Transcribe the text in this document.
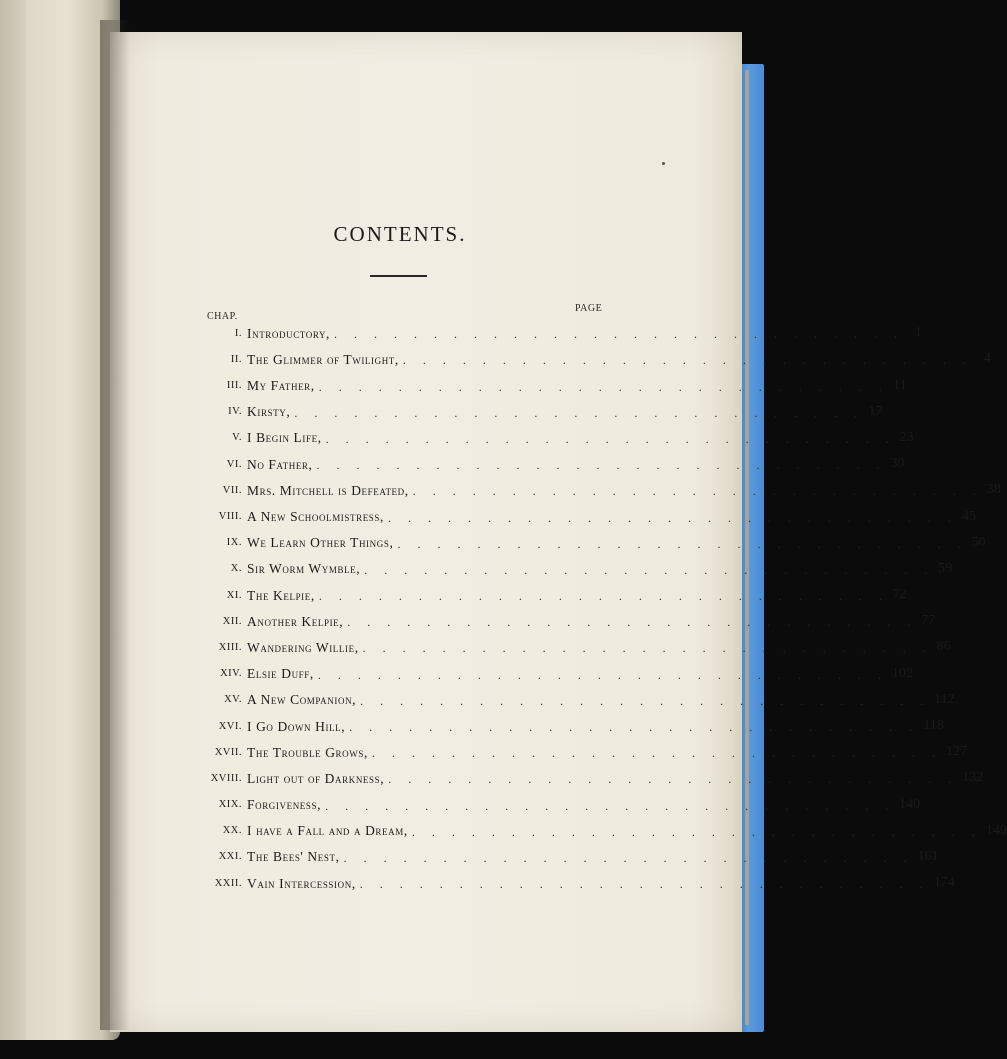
CONTENTS.
CHAP.
PAGE
I. Introductory, . . . . . . . . . . . . . . . . . . . . . . . . . . . . . 1
II. The Glimmer of Twilight, . . . . . . . . . . . . . . . . . . . . . . . . . . . . . 4
III. My Father, . . . . . . . . . . . . . . . . . . . . . . . . . . . . . 11
IV. Kirsty, . . . . . . . . . . . . . . . . . . . . . . . . . . . . . 17
V. I Begin Life, . . . . . . . . . . . . . . . . . . . . . . . . . . . . . 23
VI. No Father, . . . . . . . . . . . . . . . . . . . . . . . . . . . . . 30
VII. Mrs. Mitchell is Defeated, . . . . . . . . . . . . . . . . . . . . . . . . . . . . . 38
VIII. A New Schoolmistress, . . . . . . . . . . . . . . . . . . . . . . . . . . . . . 45
IX. We Learn Other Things, . . . . . . . . . . . . . . . . . . . . . . . . . . . . . 50
X. Sir Worm Wymble, . . . . . . . . . . . . . . . . . . . . . . . . . . . . . 59
XI. The Kelpie, . . . . . . . . . . . . . . . . . . . . . . . . . . . . . 72
XII. Another Kelpie, . . . . . . . . . . . . . . . . . . . . . . . . . . . . . 77
XIII. Wandering Willie, . . . . . . . . . . . . . . . . . . . . . . . . . . . . . 86
XIV. Elsie Duff, . . . . . . . . . . . . . . . . . . . . . . . . . . . . . 102
XV. A New Companion, . . . . . . . . . . . . . . . . . . . . . . . . . . . . . 112
XVI. I Go Down Hill, . . . . . . . . . . . . . . . . . . . . . . . . . . . . . 118
XVII. The Trouble Grows, . . . . . . . . . . . . . . . . . . . . . . . . . . . . . 127
XVIII. Light out of Darkness, . . . . . . . . . . . . . . . . . . . . . . . . . . . . . 132
XIX. Forgiveness, . . . . . . . . . . . . . . . . . . . . . . . . . . . . . 140
XX. I have a Fall and a Dream, . . . . . . . . . . . . . . . . . . . . . . . . . . . . . 149
XXI. The Bees' Nest, . . . . . . . . . . . . . . . . . . . . . . . . . . . . . 161
XXII. Vain Intercession, . . . . . . . . . . . . . . . . . . . . . . . . . . . . . 174
